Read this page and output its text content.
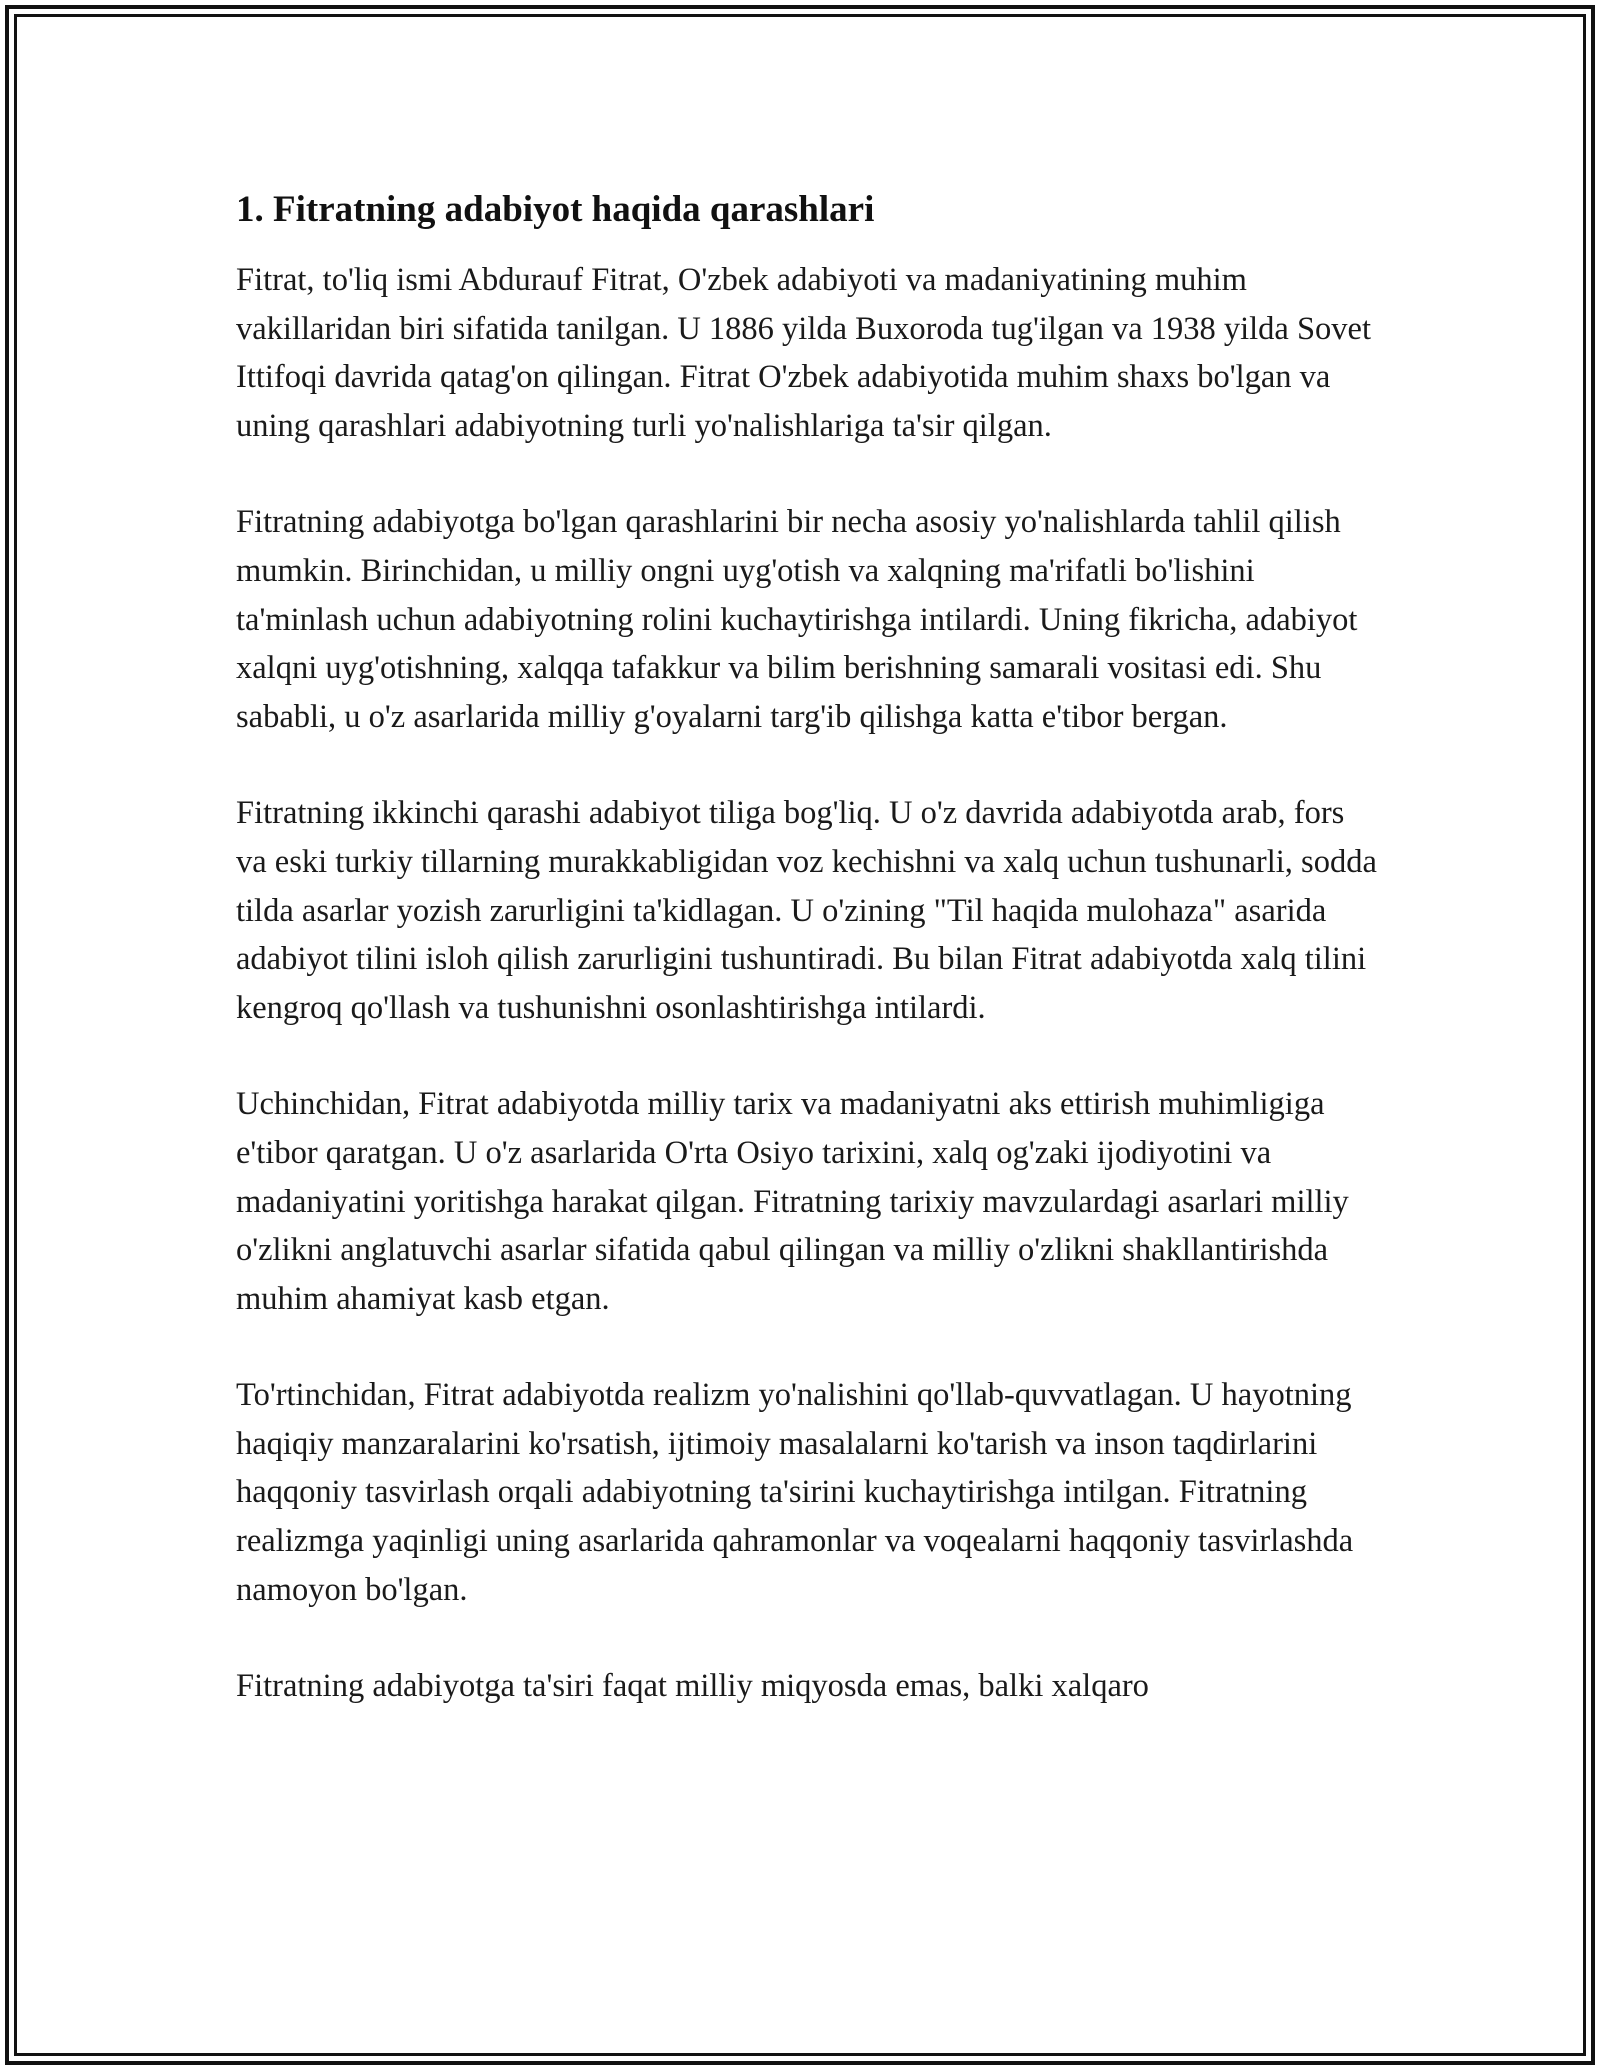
1. Fitratning adabiyot haqida qarashlari

Fitrat, to'liq ismi Abdurauf Fitrat, O'zbek adabiyoti va madaniyatining muhim vakillaridan biri sifatida tanilgan. U 1886 yilda Buxoroda tug'ilgan va 1938 yilda Sovet Ittifoqi davrida qatag'on qilingan. Fitrat O'zbek adabiyotida muhim shaxs bo'lgan va uning qarashlari adabiyotning turli yo'nalishlariga ta'sir qilgan.

Fitratning adabiyotga bo'lgan qarashlarini bir necha asosiy yo'nalishlarda tahlil qilish mumkin. Birinchidan, u milliy ongni uyg'otish va xalqning ma'rifatli bo'lishini ta'minlash uchun adabiyotning rolini kuchaytirishga intilardi. Uning fikricha, adabiyot xalqni uyg'otishning, xalqqa tafakkur va bilim berishning samarali vositasi edi. Shu sababli, u o'z asarlarida milliy g'oyalarni targ'ib qilishga katta e'tibor bergan.

Fitratning ikkinchi qarashi adabiyot tiliga bog'liq. U o'z davrida adabiyotda arab, fors va eski turkiy tillarning murakkabligidan voz kechishni va xalq uchun tushunarli, sodda tilda asarlar yozish zarurligini ta'kidlagan. U o'zining "Til haqida mulohaza" asarida adabiyot tilini isloh qilish zarurligini tushuntiradi. Bu bilan Fitrat adabiyotda xalq tilini kengroq qo'llash va tushunishni osonlashtirishga intilardi.

Uchinchidan, Fitrat adabiyotda milliy tarix va madaniyatni aks ettirish muhimligiga e'tibor qaratgan. U o'z asarlarida O'rta Osiyo tarixini, xalq og'zaki ijodiyotini va madaniyatini yoritishga harakat qilgan. Fitratning tarixiy mavzulardagi asarlari milliy o'zlikni anglatuvchi asarlar sifatida qabul qilingan va milliy o'zlikni shakllantirishda muhim ahamiyat kasb etgan.

To'rtinchidan, Fitrat adabiyotda realizm yo'nalishini qo'llab-quvvatlagan. U hayotning haqiqiy manzaralarini ko'rsatish, ijtimoiy masalalarni ko'tarish va inson taqdirlarini haqqoniy tasvirlash orqali adabiyotning ta'sirini kuchaytirishga intilgan. Fitratning realizmga yaqinligi uning asarlarida qahramonlar va voqealarni haqqoniy tasvirlashda namoyon bo'lgan.

Fitratning adabiyotga ta'siri faqat milliy miqyosda emas, balki xalqaro
